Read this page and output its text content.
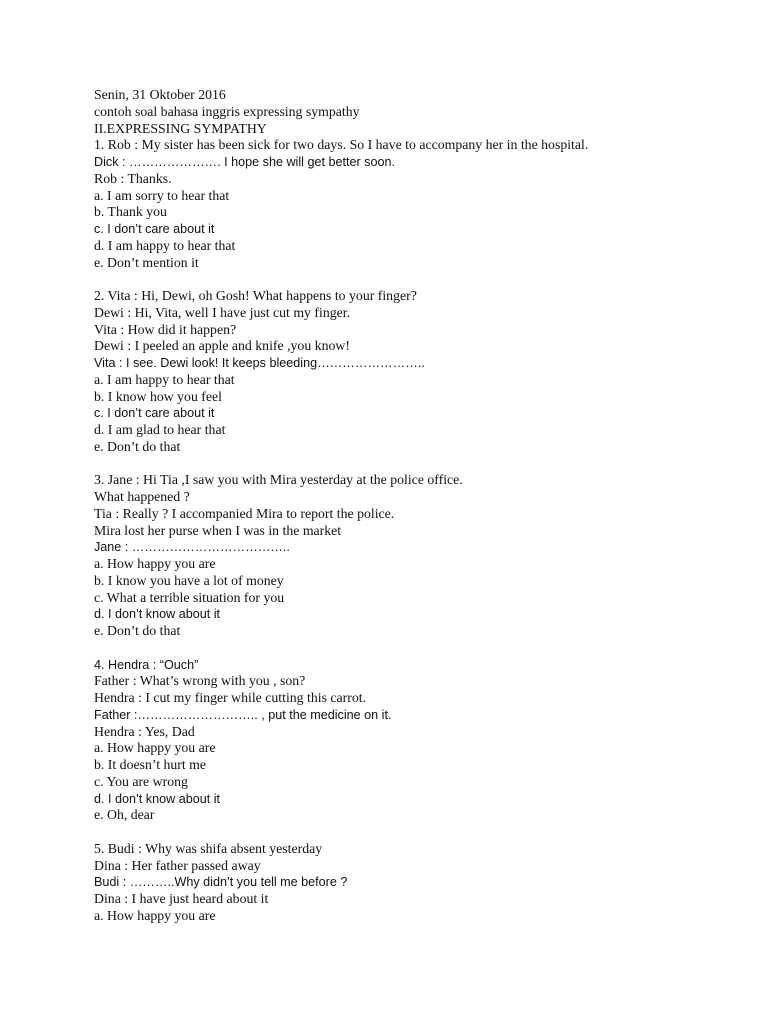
Senin, 31 Oktober 2016
contoh soal bahasa inggris expressing sympathy
II.EXPRESSING SYMPATHY
1. Rob : My sister has been sick for two days. So I have to accompany her in the hospital.
Dick : …………………. I hope she will get better soon.
Rob : Thanks.
a. I am sorry to hear that
b. Thank you
c. I don’t care about it
d. I am happy to hear that
e. Don’t mention it
2. Vita : Hi, Dewi, oh Gosh! What happens to your finger?
Dewi : Hi, Vita, well I have just cut my finger.
Vita : How did it happen?
Dewi : I peeled an apple and knife ,you know!
Vita : I see. Dewi look! It keeps bleeding……………………..
a. I am happy to hear that
b. I know how you feel
c. I don’t care about it
d. I am glad to hear that
e. Don’t do that
3. Jane : Hi Tia ,I saw you with Mira yesterday at the police office.
What happened ?
Tia : Really ? I accompanied Mira to report the police.
Mira lost her purse when I was in the market
Jane : ………………………………..
a. How happy you are
b. I know you have a lot of money
c. What a terrible situation for you
d. I don’t know about it
e. Don’t do that
4. Hendra : “Ouch”
Father : What’s wrong with you , son?
Hendra : I cut my finger while cutting this carrot.
Father :……………………….. , put the medicine on it.
Hendra : Yes, Dad
a. How happy you are
b. It doesn’t hurt me
c. You are wrong
d. I don’t know about it
e. Oh, dear
5. Budi : Why was shifa absent yesterday
Dina : Her father passed away
Budi : ………..Why didn’t you tell me before ?
Dina : I have just heard about it
a. How happy you are
